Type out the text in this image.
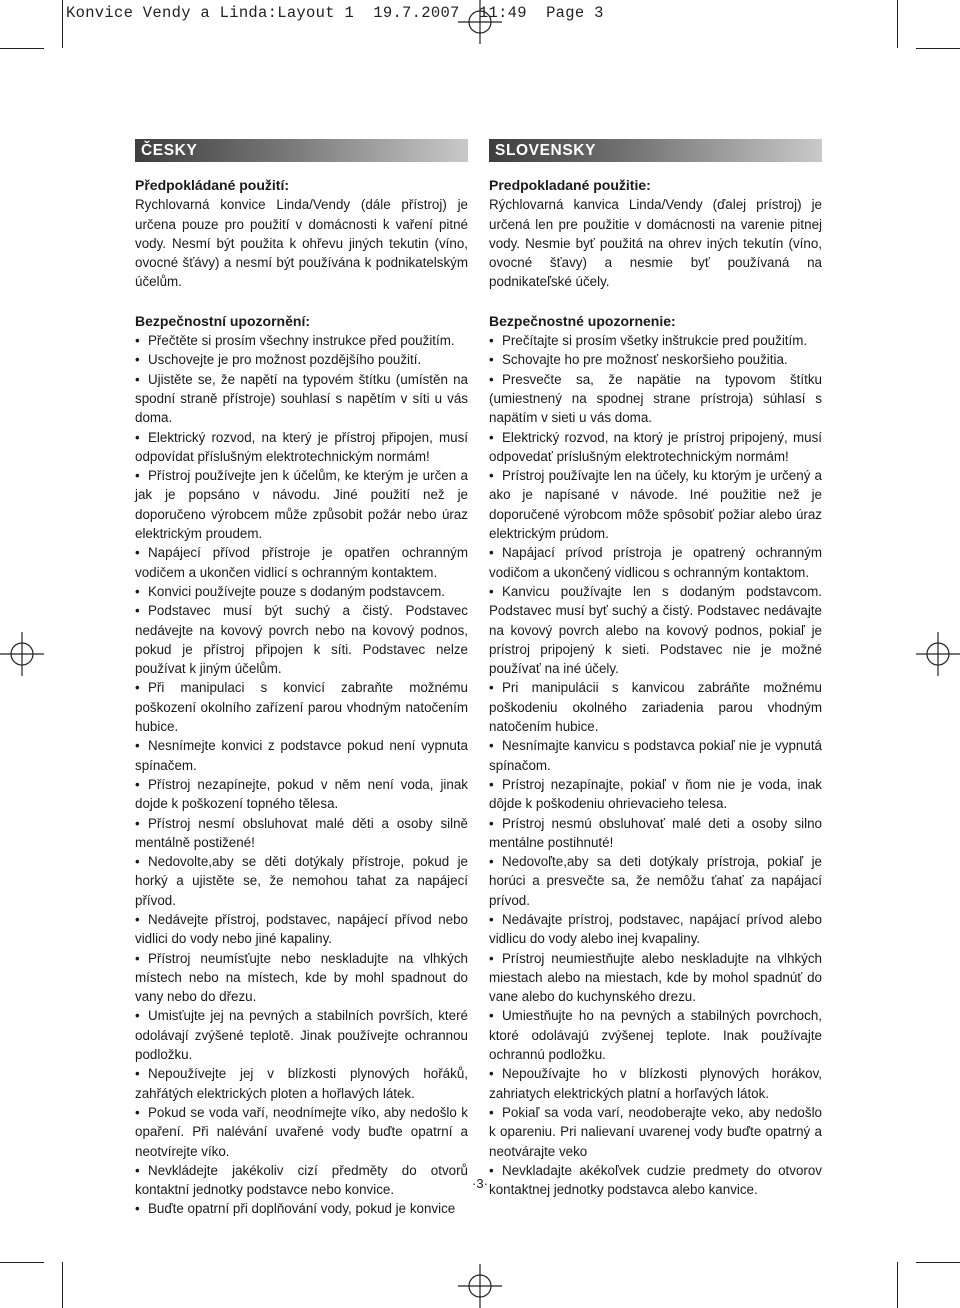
Konvice Vendy a Linda:Layout 1  19.7.2007  11:49  Page 3
ČESKY

Předpokládané použití:

Rychlovarná konvice Linda/Vendy (dále přístroj) je určena pouze pro použití v domácnosti k vaření pitné vody. Nesmí být použita k ohřevu jiných tekutin (víno, ovocné šťávy) a nesmí být používána k podnikatelským účelům.

Bezpečnostní upozornění:

• Přečtěte si prosím všechny instrukce před použitím.
• Uschovejte je pro možnost pozdějšího použití.
• Ujistěte se, že napětí na typovém štítku (umístěn na spodní straně přístroje) souhlasí s napětím v síti u vás doma.
• Elektrický rozvod, na který je přístroj připojen, musí odpovídat příslušným elektrotechnickým normám!
• Přístroj používejte jen k účelům, ke kterým je určen a jak je popsáno v návodu. Jiné použití než je doporučeno výrobcem může způsobit požár nebo úraz elektrickým proudem.
• Napájecí přívod přístroje je opatřen ochranným vodičem a ukončen vidlicí s ochranným kontaktem.
• Konvici používejte pouze s dodaným podstavcem.
• Podstavec musí být suchý a čistý. Podstavec nedávejte na kovový povrch nebo na kovový podnos, pokud je přístroj připojen k síti. Podstavec nelze používat k jiným účelům.
• Při manipulaci s konvicí zabraňte možnému poškození okolního zařízení parou vhodným natočením hubice.
• Nesnímejte konvici z podstavce pokud není vypnuta spínačem.
• Přístroj nezapínejte, pokud v něm není voda, jinak dojde k poškození topného tělesa.
• Přístroj nesmí obsluhovat malé děti a osoby silně mentálně postižené!
• Nedovolte,aby se děti dotýkaly přístroje, pokud je horký a ujistěte se, že nemohou tahat za napájecí přívod.
• Nedávejte přístroj, podstavec, napájecí přívod nebo vidlici do vody nebo jiné kapaliny.
• Přístroj neumísťujte nebo neskladujte na vlhkých místech nebo na místech, kde by mohl spadnout do vany nebo do dřezu.
• Umisťujte jej na pevných a stabilních površích, které odolávají zvýšené teplotě. Jinak používejte ochrannou podložku.
• Nepoužívejte jej v blízkosti plynových hořáků, zahřátých elektrických ploten a hořlavých látek.
• Pokud se voda vaří, neodnímejte víko, aby nedošlo k opaření. Při nalévání uvařené vody buďte opatrní a neotvírejte víko.
• Nevkládejte jakékoliv cizí předměty do otvorů kontaktní jednotky podstavce nebo konvice.
• Buďte opatrní při doplňování vody, pokud je konvice
SLOVENSKY

Predpokladané použitie:

Rýchlovarná kanvica Linda/Vendy (ďalej prístroj) je určená len pre použitie v domácnosti na varenie pitnej vody. Nesmie byť použitá na ohrev iných tekutín (víno, ovocné šťavy) a nesmie byť používaná na podnikateľské účely.

Bezpečnostné upozornenie:

• Prečítajte si prosím všetky inštrukcie pred použitím.
• Schovajte ho pre možnosť neskoršieho použitia.
• Presvečte sa, že napätie na typovom štítku (umiestnený na spodnej strane prístroja) súhlasí s napätím v sieti u vás doma.
• Elektrický rozvod, na ktorý je prístroj pripojený, musí odpovedať príslušným elektrotechnickým normám!
• Prístroj používajte len na účely, ku ktorým je určený a ako je napísané v návode. Iné použitie než je doporučené výrobcom môže spôsobiť požiar alebo úraz elektrickým prúdom.
• Napájací prívod prístroja je opatrený ochranným vodičom a ukončený vidlicou s ochranným kontaktom.
• Kanvicu používajte len s dodaným podstavcom. Podstavec musí byť suchý a čistý. Podstavec nedávajte na kovový povrch alebo na kovový podnos, pokiaľ je prístroj pripojený k sieti. Podstavec nie je možné používať na iné účely.
• Pri manipulácii s kanvicou zabráňte možnému poškodeniu okolného zariadenia parou vhodným natočením hubice.
• Nesnímajte kanvicu s podstavca pokiaľ nie je vypnutá spínačom.
• Prístroj nezapínajte, pokiaľ v ňom nie je voda, inak dôjde k poškodeniu ohrievacieho telesa.
• Prístroj nesmú obsluhovať malé deti a osoby silno mentálne postihnuté!
• Nedovoľte,aby sa deti dotýkaly prístroja, pokiaľ je horúci a presvečte sa, že nemôžu ťahať za napájací prívod.
• Nedávajte prístroj, podstavec, napájací prívod alebo vidlicu do vody alebo inej kvapaliny.
• Prístroj neumiestňujte alebo neskladujte na vlhkých miestach alebo na miestach, kde by mohol spadnúť do vane alebo do kuchynského drezu.
• Umiestňujte ho na pevných a stabilných povrchoch, ktoré odolávajú zvýšenej teplote. Inak používajte ochrannú podložku.
• Nepoužívajte ho v blízkosti plynových horákov, zahriatych elektrických platní a horľavých látok.
• Pokiaľ sa voda varí, neodoberajte veko, aby nedošlo k opareniu. Pri nalievaní uvarenej vody buďte opatrný a neotvárajte veko
• Nevkladajte akékoľvek cudzie predmety do otvorov kontaktnej jednotky podstavca alebo kanvice.
·3·
